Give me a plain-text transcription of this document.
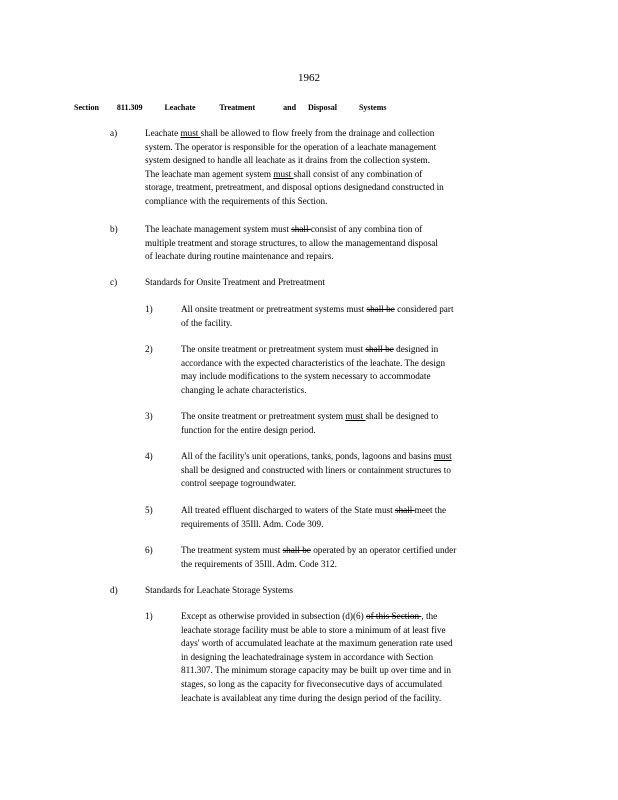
1962
Section 811.309	Leachate	Treatment	and Disposal	Systems
a)	Leachate must shall be allowed to flow freely from the drainage and collection
system. The operator is responsible for the operation of a leachate management
system designed to handle all leachate as it drains from the collection system.
The leachate man agement system must shall consist of any combination of
storage, treatment, pretreatment, and disposal options designedand constructed in
compliance with the requirements of this Section.
b)	The leachate management system must shall consist of any combina tion of
multiple treatment and storage structures, to allow the managementand disposal
of leachate during routine maintenance and repairs.
c)	Standards for Onsite Treatment and Pretreatment
1)	All onsite treatment or pretreatment systems must shall be considered part
of the facility.
2)	The onsite treatment or pretreatment system must shall be designed in
accordance with the expected characteristics of the leachate. The design
may include modifications to the system necessary to accommodate
changing le achate characteristics.
3)	The onsite treatment or pretreatment system must shall be designed to
function for the entire design period.
4)	All of the facility's unit operations, tanks, ponds, lagoons and basins must
shall be designed and constructed with liners or containment structures to
control seepage togroundwater.
5)	All treated effluent discharged to waters of the State must shall meet the
requirements of 35Ill. Adm. Code 309.
6)	The treatment system must shall be operated by an operator certified under
the requirements of 35Ill. Adm. Code 312.
d)	Standards for Leachate Storage Systems
1)	Except as otherwise provided in subsection (d)(6) of this Section , the
leachate storage facility must be able to store a minimum of at least five
days' worth of accumulated leachate at the maximum generation rate used
in designing the leachatedrainage system in accordance with Section
811.307. The minimum storage capacity may be built up over time and in
stages, so long as the capacity for fiveconsecutive days of accumulated
leachate is availableat any time during the design period of the facility.
